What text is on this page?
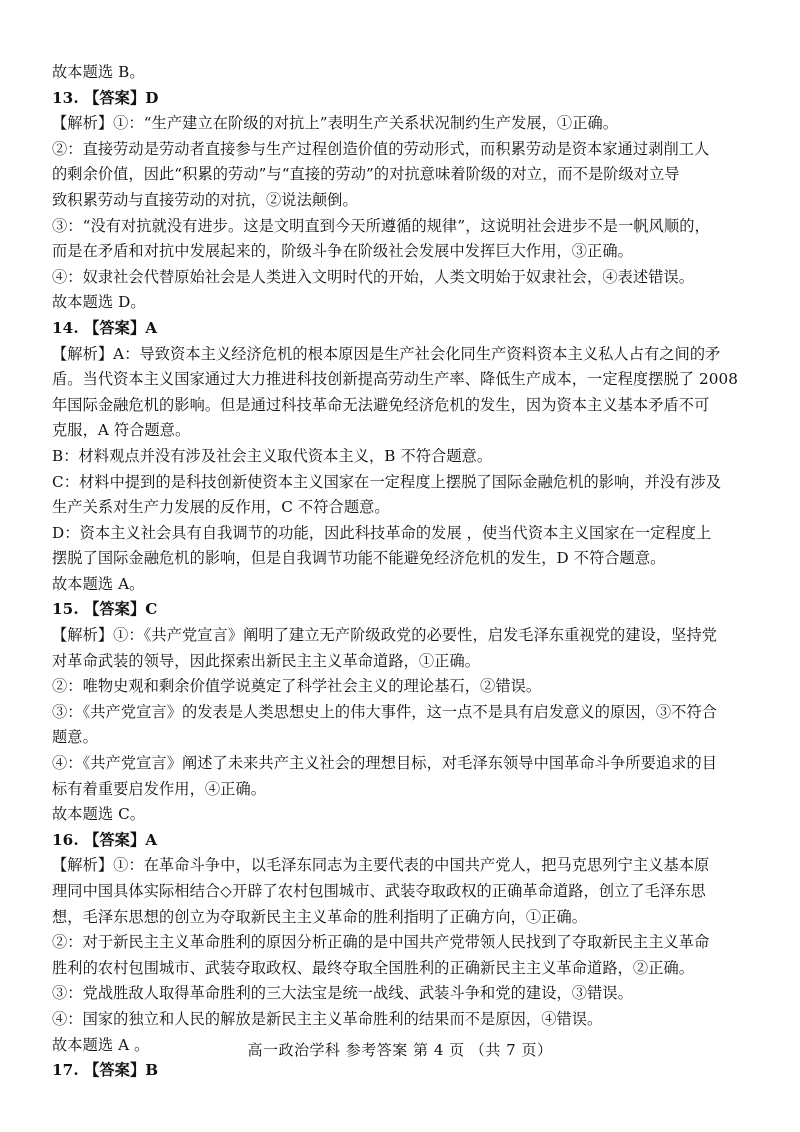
故本题选 B。
13. 【答案】D
【解析】①：“生产建立在阶级的对抗上”表明生产关系状况制约生产发展，①正确。
②：直接劳动是劳动者直接参与生产过程创造价值的劳动形式，而积累劳动是资本家通过剥削工人
的剩余价值，因此“积累的劳动”与“直接的劳动”的对抗意味着阶级的对立，而不是阶级对立导
致积累劳动与直接劳动的对抗，②说法颠倒。
③：“没有对抗就没有进步。这是文明直到今天所遵循的规律”，这说明社会进步不是一帆风顺的，
而是在矛盾和对抗中发展起来的，阶级斗争在阶级社会发展中发挥巨大作用，③正确。
④：奴隶社会代替原始社会是人类进入文明时代的开始，人类文明始于奴隶社会，④表述错误。
故本题选 D。
14. 【答案】A
【解析】A：导致资本主义经济危机的根本原因是生产社会化同生产资料资本主义私人占有之间的矛
盾。当代资本主义国家通过大力推进科技创新提高劳动生产率、降低生产成本，一定程度摆脱了 2008
年国际金融危机的影响。但是通过科技革命无法避免经济危机的发生，因为资本主义基本矛盾不可
克服，A 符合题意。
B：材料观点并没有涉及社会主义取代资本主义，B 不符合题意。
C：材料中提到的是科技创新使资本主义国家在一定程度上摆脱了国际金融危机的影响，并没有涉及
生产关系对生产力发展的反作用，C 不符合题意。
D：资本主义社会具有自我调节的功能，因此科技革命的发展 ，使当代资本主义国家在一定程度上
摆脱了国际金融危机的影响，但是自我调节功能不能避免经济危机的发生，D 不符合题意。
故本题选 A。
15. 【答案】C
【解析】①：《共产党宣言》阐明了建立无产阶级政党的必要性，启发毛泽东重视党的建设，坚持党
对革命武装的领导，因此探索出新民主主义革命道路，①正确。
②：唯物史观和剩余价值学说奠定了科学社会主义的理论基石，②错误。
③：《共产党宣言》的发表是人类思想史上的伟大事件，这一点不是具有启发意义的原因，③不符合
题意。
④：《共产党宣言》阐述了未来共产主义社会的理想目标，对毛泽东领导中国革命斗争所要追求的目
标有着重要启发作用，④正确。
故本题选 C。
16. 【答案】A
【解析】①：在革命斗争中，以毛泽东同志为主要代表的中国共产党人，把马克思列宁主义基本原
理同中国具体实际相结合◇开辟了农村包围城市、武装夺取政权的正确革命道路，创立了毛泽东思
想，毛泽东思想的创立为夺取新民主主义革命的胜利指明了正确方向，①正确。
②：对于新民主主义革命胜利的原因分析正确的是中国共产党带领人民找到了夺取新民主主义革命
胜利的农村包围城市、武装夺取政权、最终夺取全国胜利的正确新民主主义革命道路，②正确。
③：党战胜敌人取得革命胜利的三大法宝是统一战线、武装斗争和党的建设，③错误。
④：国家的独立和人民的解放是新民主主义革命胜利的结果而不是原因，④错误。
故本题选 A 。
17. 【答案】B
高一政治学科 参考答案 第 4 页 （共 7 页）
